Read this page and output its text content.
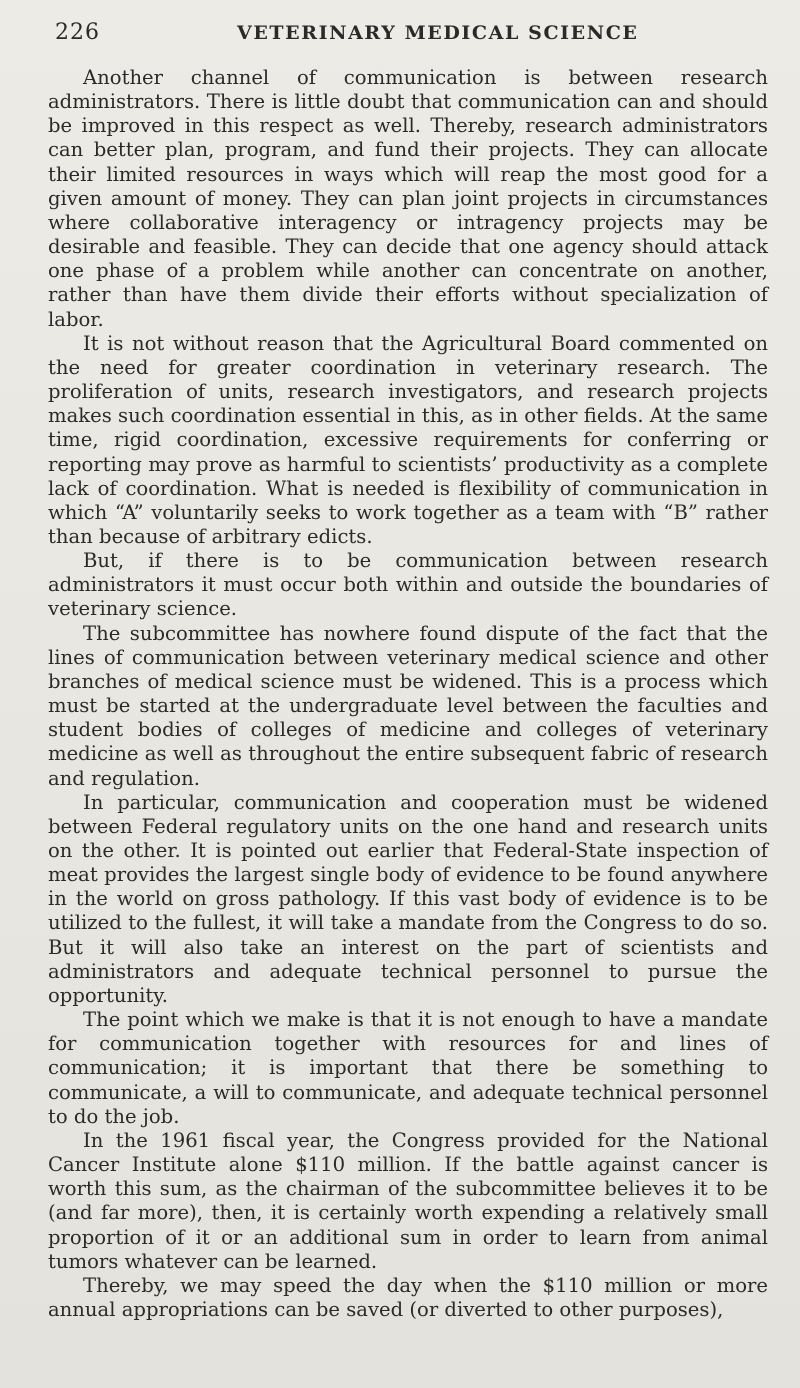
226	VETERINARY MEDICAL SCIENCE

Another channel of communication is between research administrators. There is little doubt that communication can and should be improved in this respect as well. Thereby, research administrators can better plan, program, and fund their projects. They can allocate their limited resources in ways which will reap the most good for a given amount of money. They can plan joint projects in circumstances where collaborative interagency or intragency projects may be desirable and feasible. They can decide that one agency should attack one phase of a problem while another can concentrate on another, rather than have them divide their efforts without specialization of labor.

It is not without reason that the Agricultural Board commented on the need for greater coordination in veterinary research. The proliferation of units, research investigators, and research projects makes such coordination essential in this, as in other fields. At the same time, rigid coordination, excessive requirements for conferring or reporting may prove as harmful to scientists’ productivity as a complete lack of coordination. What is needed is flexibility of communication in which “A” voluntarily seeks to work together as a team with “B” rather than because of arbitrary edicts.

But, if there is to be communication between research administrators it must occur both within and outside the boundaries of veterinary science.

The subcommittee has nowhere found dispute of the fact that the lines of communication between veterinary medical science and other branches of medical science must be widened. This is a process which must be started at the undergraduate level between the faculties and student bodies of colleges of medicine and colleges of veterinary medicine as well as throughout the entire subsequent fabric of research and regulation.

In particular, communication and cooperation must be widened between Federal regulatory units on the one hand and research units on the other. It is pointed out earlier that Federal-State inspection of meat provides the largest single body of evidence to be found anywhere in the world on gross pathology. If this vast body of evidence is to be utilized to the fullest, it will take a mandate from the Congress to do so. But it will also take an interest on the part of scientists and administrators and adequate technical personnel to pursue the opportunity.

The point which we make is that it is not enough to have a mandate for communication together with resources for and lines of communication; it is important that there be something to communicate, a will to communicate, and adequate technical personnel to do the job.

In the 1961 fiscal year, the Congress provided for the National Cancer Institute alone $110 million. If the battle against cancer is worth this sum, as the chairman of the subcommittee believes it to be (and far more), then, it is certainly worth expending a relatively small proportion of it or an additional sum in order to learn from animal tumors whatever can be learned.

Thereby, we may speed the day when the $110 million or more annual appropriations can be saved (or diverted to other purposes),
